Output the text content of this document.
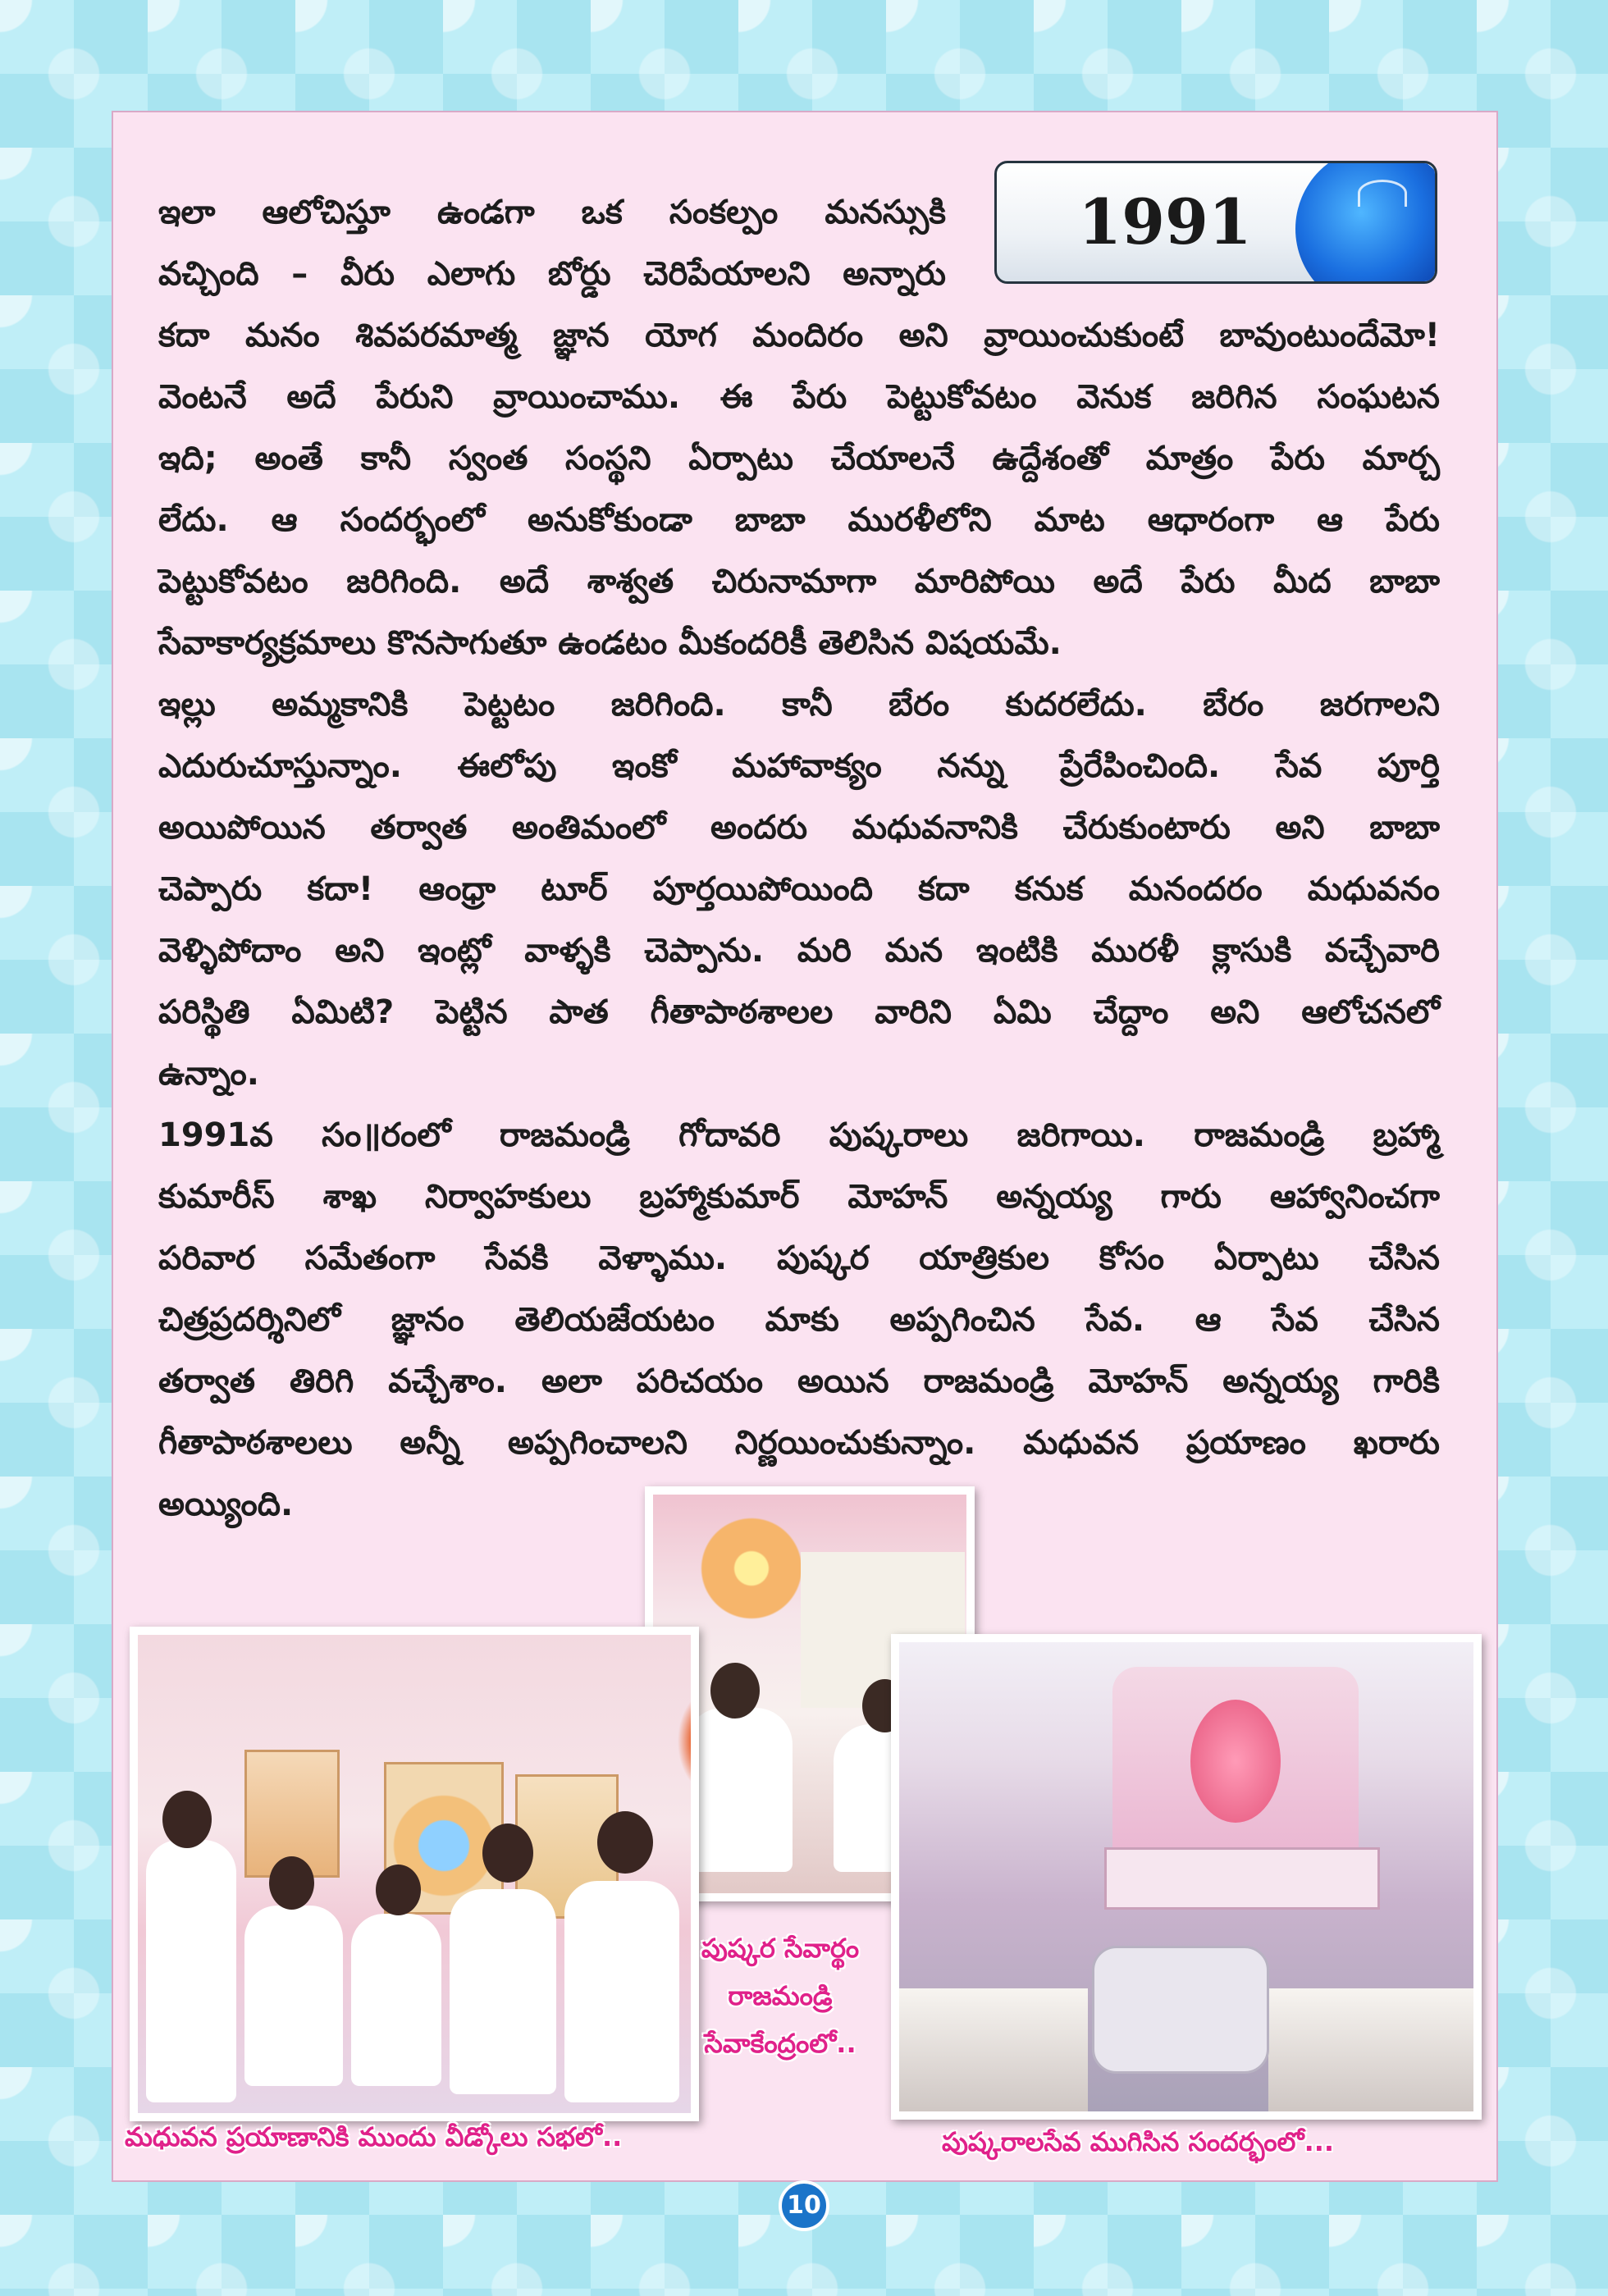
1991
ఇలా ఆలోచిస్తూ ఉండగా ఒక సంకల్పం మనస్సుకి
వచ్చింది – వీరు ఎలాగు బోర్డు చెరిపేయాలని అన్నారు

కదా మనం శివపరమాత్మ జ్ఞాన యోగ మందిరం అని వ్రాయించుకుంటే బావుంటుందేమో!
వెంటనే అదే పేరుని వ్రాయించాము. ఈ పేరు పెట్టుకోవటం వెనుక జరిగిన సంఘటన
ఇది; అంతే కానీ స్వంత సంస్థని ఏర్పాటు చేయాలనే ఉద్దేశంతో మాత్రం పేరు మార్చ
లేదు. ఆ సందర్భంలో అనుకోకుండా బాబా మురళీలోని మాట ఆధారంగా ఆ పేరు
పెట్టుకోవటం జరిగింది. అదే శాశ్వత చిరునామాగా మారిపోయి అదే పేరు మీద బాబా
సేవాకార్యక్రమాలు కొనసాగుతూ ఉండటం మీకందరికీ తెలిసిన విషయమే.

ఇల్లు అమ్మకానికి పెట్టటం జరిగింది. కానీ బేరం కుదరలేదు. బేరం జరగాలని
ఎదురుచూస్తున్నాం. ఈలోపు ఇంకో మహావాక్యం నన్ను ప్రేరేపించింది. సేవ పూర్తి
అయిపోయిన తర్వాత అంతిమంలో అందరు మధువనానికి చేరుకుంటారు అని బాబా
చెప్పారు కదా! ఆంధ్రా టూర్ పూర్తయిపోయింది కదా కనుక మనందరం మధువనం
వెళ్ళిపోదాం అని ఇంట్లో వాళ్ళకి చెప్పాను. మరి మన ఇంటికి మురళీ క్లాసుకి వచ్చేవారి
పరిస్థితి ఏమిటి? పెట్టిన పాత గీతాపాఠశాలల వారిని ఏమి చేద్దాం అని ఆలోచనలో
ఉన్నాం.

1991వ సం॥రంలో రాజమండ్రి గోదావరి పుష్కరాలు జరిగాయి. రాజమండ్రి బ్రహ్మా
కుమారీస్ శాఖ నిర్వాహకులు బ్రహ్మాకుమార్ మోహన్ అన్నయ్య గారు ఆహ్వానించగా
పరివార సమేతంగా సేవకి వెళ్ళాము. పుష్కర యాత్రికుల కోసం ఏర్పాటు చేసిన
చిత్రప్రదర్శినిలో జ్ఞానం తెలియజేయటం మాకు అప్పగించిన సేవ. ఆ సేవ చేసిన
తర్వాత తిరిగి వచ్చేశాం. అలా పరిచయం అయిన రాజమండ్రి మోహన్ అన్నయ్య గారికి
గీతాపాఠశాలలు అన్నీ అప్పగించాలని నిర్ణయించుకున్నాం. మధువన ప్రయాణం ఖరారు
అయ్యింది.

పుష్కర సేవార్థం
రాజమండ్రి
సేవాకేంద్రంలో..
మధువన ప్రయాణానికి ముందు వీడ్కోలు సభలో..	పుష్కరాలసేవ ముగిసిన సందర్భంలో...
10
